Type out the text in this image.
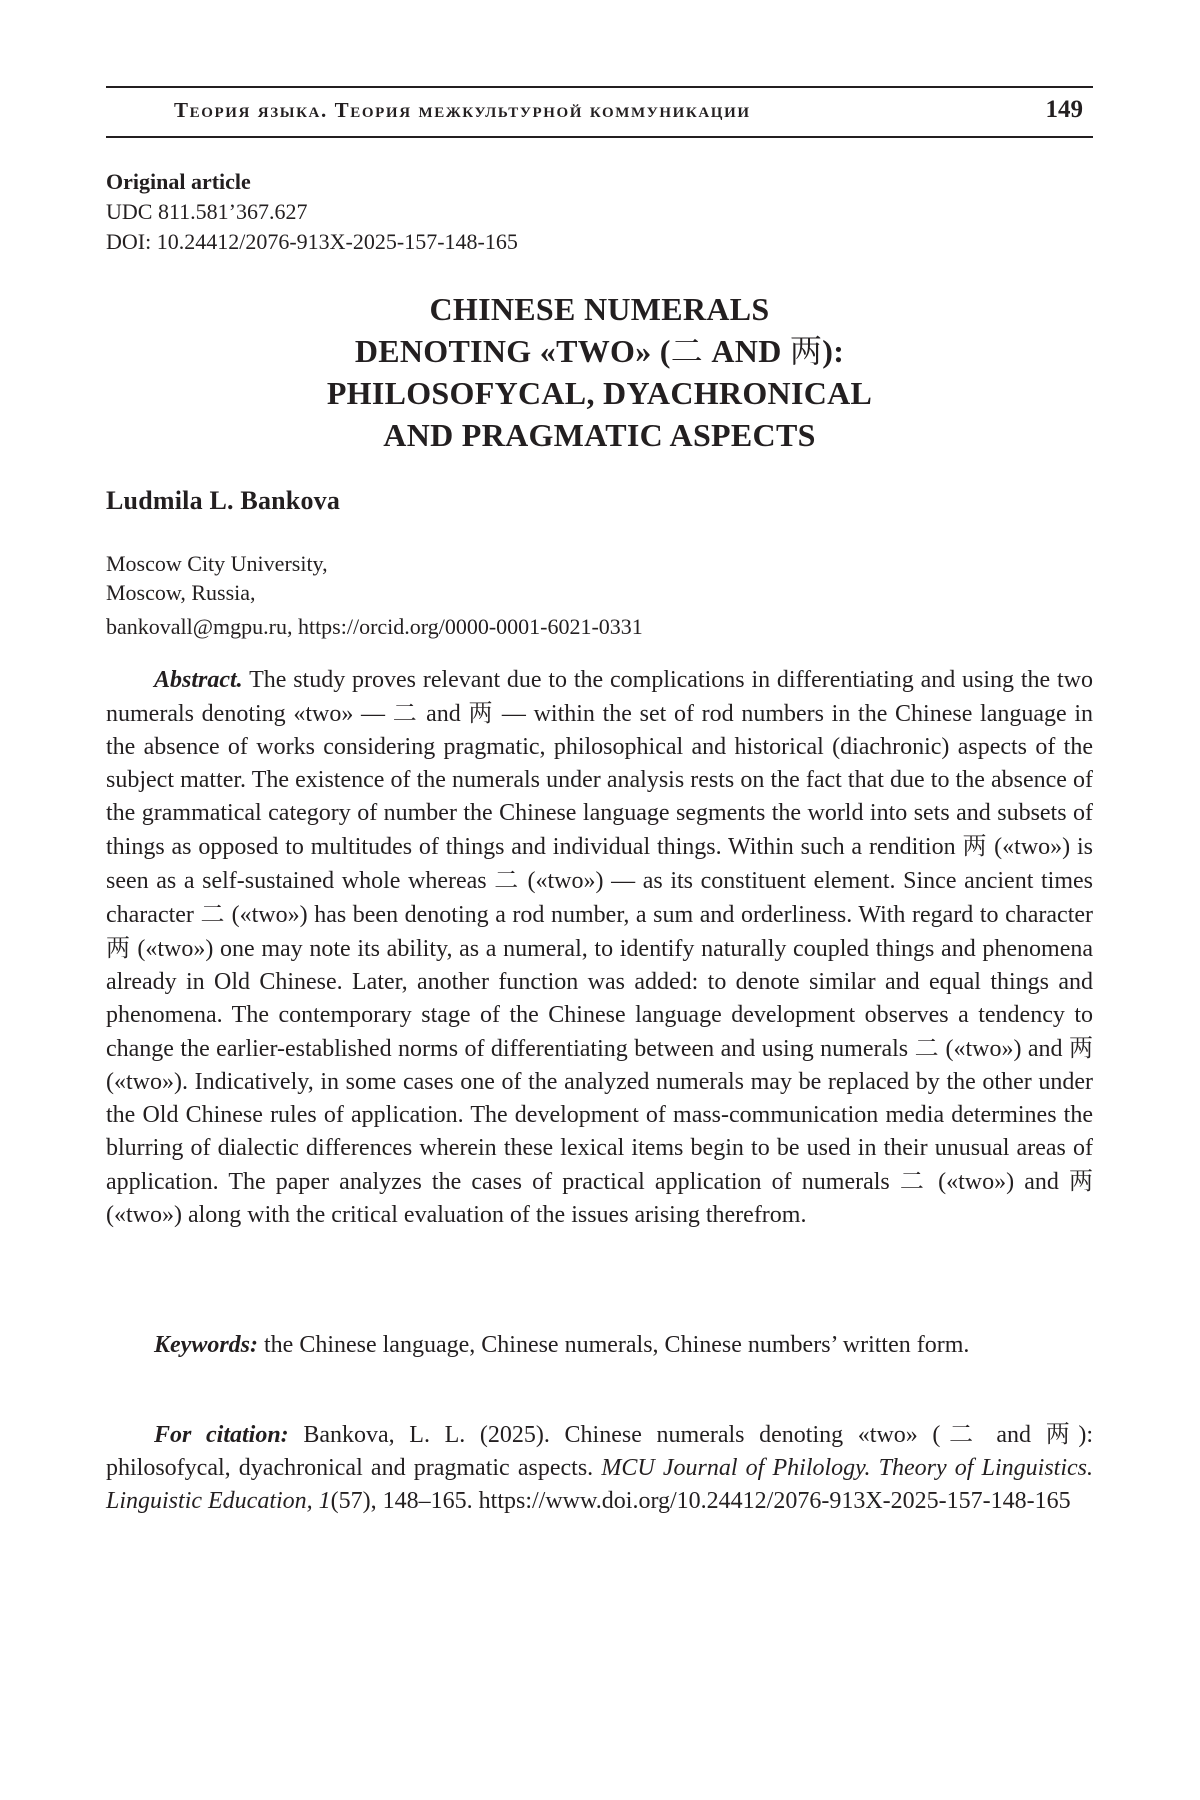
Теория языка. Теория межкультурной коммуникации	149
Original article
UDC 811.581’367.627
DOI: 10.24412/2076-913X-2025-157-148-165
CHINESE NUMERALS
DENOTING «TWO» (二 AND 两):
PHILOSOFYCAL, DYACHRONICAL
AND PRAGMATIC ASPECTS
Ludmila L. Bankova
Moscow City University,
Moscow, Russia,
bankovall@mgpu.ru, https://orcid.org/0000-0001-6021-0331

Abstract. The study proves relevant due to the complications in differentiating and using the two numerals denoting «two» — 二 and 两 — within the set of rod numbers in the Chinese language in the absence of works considering pragmatic, philosophical and historical (diachronic) aspects of the subject matter. The existence of the numerals under analysis rests on the fact that due to the absence of the grammatical category of number the Chinese language segments the world into sets and subsets of things as opposed to multitudes of things and individual things. Within such a rendition 两 («two») is seen as a self-sustained whole whereas 二 («two») — as its constituent element. Since ancient times character 二 («two») has been denoting a rod number, a sum and orderliness. With regard to character 两 («two») one may note its ability, as a numeral, to identify naturally coupled things and phenomena already in Old Chinese. Later, another function was added: to denote similar and equal things and phenomena. The contemporary stage of the Chinese language development observes a tendency to change the earlier-established norms of differentiating between and using numerals 二 («two») and 两 («two»). Indicatively, in some cases one of the analyzed numerals may be replaced by the other under the Old Chinese rules of application. The development of mass-communication media determines the blurring of dialectic differences wherein these lexical items begin to be used in their unusual areas of application. The paper analyzes the cases of practical application of numerals 二 («two») and 两 («two») along with the critical evaluation of the issues arising therefrom.

Keywords: the Chinese language, Chinese numerals, Chinese numbers’ written form.

For citation: Bankova, L. L. (2025). Chinese numerals denoting «two» (二 and 两): philosofycal, dyachronical and pragmatic aspects. MCU Journal of Philology. Theory of Linguistics. Linguistic Education, 1(57), 148–165. https://www.doi.org/10.24412/2076-913X-2025-157-148-165
